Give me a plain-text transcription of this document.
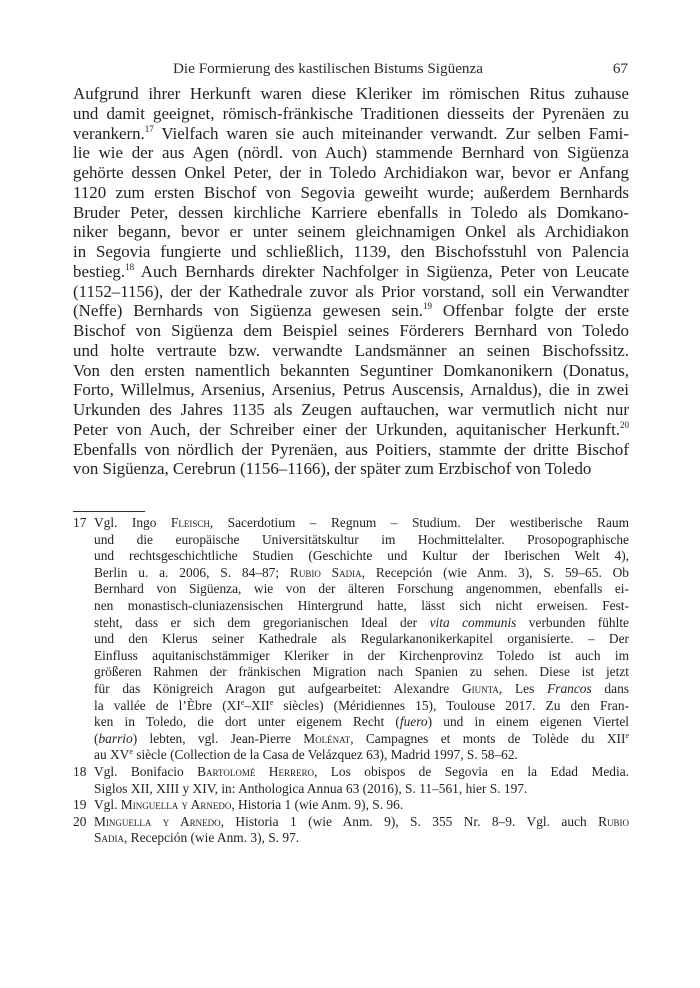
Die Formierung des kastilischen Bistums Sigüenza	67
Aufgrund ihrer Herkunft waren diese Kleriker im römischen Ritus zuhause
und damit geeignet, römisch-fränkische Traditionen diesseits der Pyrenäen zu
verankern.$^{17}$ Vielfach waren sie auch miteinander verwandt. Zur selben Fami-
lie wie der aus Agen (nördl. von Auch) stammende Bernhard von Sigüenza
gehörte dessen Onkel Peter, der in Toledo Archidiakon war, bevor er Anfang
1120 zum ersten Bischof von Segovia geweiht wurde; außerdem Bernhards
Bruder Peter, dessen kirchliche Karriere ebenfalls in Toledo als Domkano-
niker begann, bevor er unter seinem gleichnamigen Onkel als Archidiakon
in Segovia fungierte und schließlich, 1139, den Bischofsstuhl von Palencia
bestieg.$^{18}$ Auch Bernhards direkter Nachfolger in Sigüenza, Peter von Leucate
(1152–1156), der der Kathedrale zuvor als Prior vorstand, soll ein Verwandter
(Neffe) Bernhards von Sigüenza gewesen sein.$^{19}$ Offenbar folgte der erste
Bischof von Sigüenza dem Beispiel seines Förderers Bernhard von Toledo
und holte vertraute bzw. verwandte Landsmänner an seinen Bischofssitz.
Von den ersten namentlich bekannten Seguntiner Domkanonikern (Donatus,
Forto, Willelmus, Arsenius, Arsenius, Petrus Auscensis, Arnaldus), die in zwei
Urkunden des Jahres 1135 als Zeugen auftauchen, war vermutlich nicht nur
Peter von Auch, der Schreiber einer der Urkunden, aquitanischer Herkunft.$^{20}$
Ebenfalls von nördlich der Pyrenäen, aus Poitiers, stammte der dritte Bischof
von Sigüenza, Cerebrun (1156–1166), der später zum Erzbischof von Toledo
17 Vgl. Ingo Fleisch, Sacerdotium – Regnum – Studium. Der westiberische Raum
und die europäische Universitätskultur im Hochmittelalter. Prosopographische
und rechtsgeschichtliche Studien (Geschichte und Kultur der Iberischen Welt 4),
Berlin u. a. 2006, S. 84–87; Rubio Sadia, Recepción (wie Anm. 3), S. 59–65. Ob
Bernhard von Sigüenza, wie von der älteren Forschung angenommen, ebenfalls ei-
nen monastisch-cluniazensischen Hintergrund hatte, lässt sich nicht erweisen. Fest-
steht, dass er sich dem gregorianischen Ideal der vita communis verbunden fühlte
und den Klerus seiner Kathedrale als Regularkanonikerkapitel organisierte. – Der
Einfluss aquitanischstämmiger Kleriker in der Kirchenprovinz Toledo ist auch im
größeren Rahmen der fränkischen Migration nach Spanien zu sehen. Diese ist jetzt
für das Königreich Aragon gut aufgearbeitet: Alexandre Giunta, Les Francos dans
la vallée de l’Èbre (XIe–XIIe siècles) (Méridiennes 15), Toulouse 2017. Zu den Fran-
ken in Toledo, die dort unter eigenem Recht (fuero) und in einem eigenen Viertel
(barrio) lebten, vgl. Jean-Pierre Molénat, Campagnes et monts de Tolède du XIIe
au XVe siècle (Collection de la Casa de Velázquez 63), Madrid 1997, S. 58–62.
18 Vgl. Bonifacio Bartolomé Herrero, Los obispos de Segovia en la Edad Media.
Siglos XII, XIII y XIV, in: Anthologica Annua 63 (2016), S. 11–561, hier S. 197.
19 Vgl. Minguella y Arnedo, Historia 1 (wie Anm. 9), S. 96.
20 Minguella y Arnedo, Historia 1 (wie Anm. 9), S. 355 Nr. 8–9. Vgl. auch Rubio
Sadia, Recepción (wie Anm. 3), S. 97.
